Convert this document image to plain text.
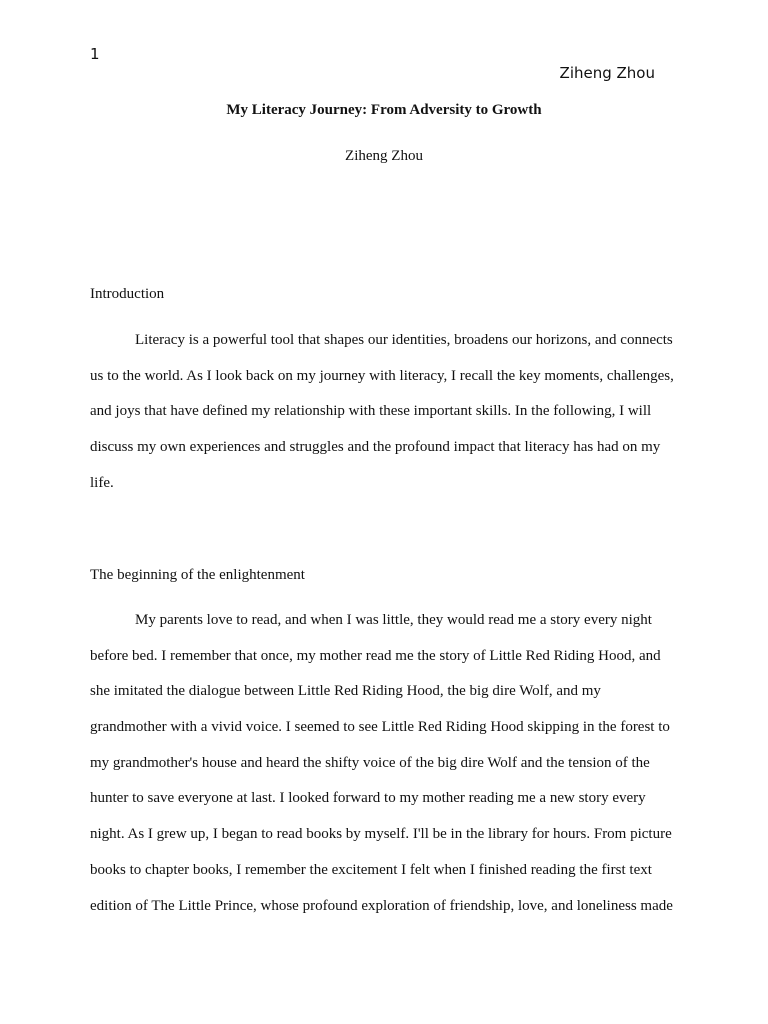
1
Ziheng Zhou
My Literacy Journey: From Adversity to Growth
Ziheng Zhou
Introduction
Literacy is a powerful tool that shapes our identities, broadens our horizons, and connects
us to the world. As I look back on my journey with literacy, I recall the key moments, challenges,
and joys that have defined my relationship with these important skills. In the following, I will
discuss my own experiences and struggles and the profound impact that literacy has had on my
life.
The beginning of the enlightenment
My parents love to read, and when I was little, they would read me a story every night
before bed. I remember that once, my mother read me the story of Little Red Riding Hood, and
she imitated the dialogue between Little Red Riding Hood, the big dire Wolf, and my
grandmother with a vivid voice. I seemed to see Little Red Riding Hood skipping in the forest to
my grandmother's house and heard the shifty voice of the big dire Wolf and the tension of the
hunter to save everyone at last. I looked forward to my mother reading me a new story every
night. As I grew up, I began to read books by myself. I'll be in the library for hours. From picture
books to chapter books, I remember the excitement I felt when I finished reading the first text
edition of The Little Prince, whose profound exploration of friendship, love, and loneliness made
